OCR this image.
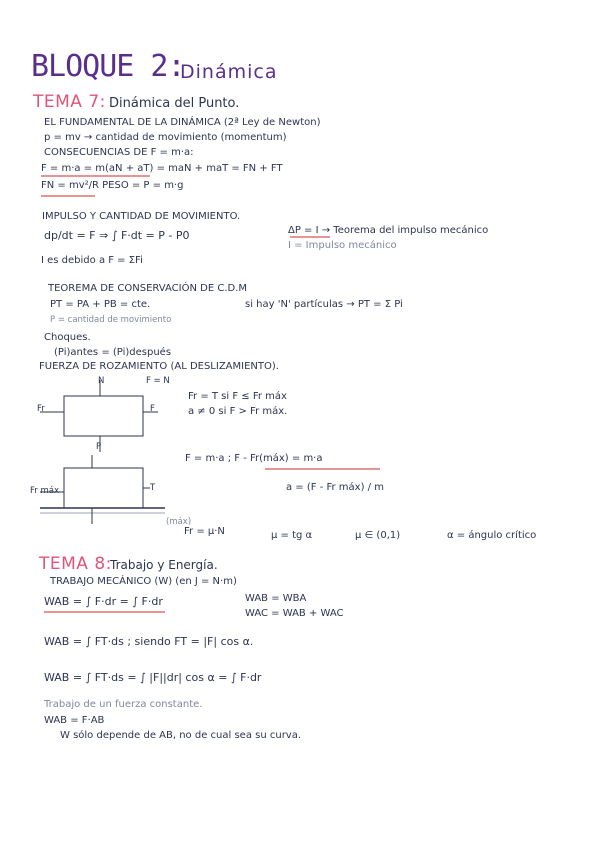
BLOQUE 2:
Dinámica
TEMA 7: Dinámica del Punto.
EL FUNDAMENTAL DE LA DINÁMICA (2ª Ley de Newton)
p = mv → cantidad de movimiento (momentum)
CONSECUENCIAS DE F = m·a:
F = m·a = m(aN + aT) = maN + maT = FN + FT
FN = mv²/R PESO = P = m·g
IMPULSO Y CANTIDAD DE MOVIMIENTO.
dp/dt = F ⇒ ∫ F·dt = P - P0	ΔP = I → Teorema del impulso mecánico
I = Impulso mecánico
I es debido a F = ΣFi
TEOREMA DE CONSERVACIÓN DE C.D.M
PT = PA + PB = cte.
P = cantidad de movimiento
si hay 'N' partículas → PT = Σ Pi
Choques.
(Pi)antes = (Pi)después
FUERZA DE ROZAMIENTO (AL DESLIZAMIENTO).
Fr = T si F ≤ Fr máx
a ≠ 0 si F > Fr máx.
F = m·a ; F - Fr(máx) = m·a
a = (F - Fr máx) / m
Fr = μ·N	μ = tg α	μ ∈ (0,1)	α = ángulo crítico
F = N
N
F
Fr
P
T
Fr máx
(máx)
TEMA 8:
Trabajo y Energía.
TRABAJO MECÁNICO (W) (en J = N·m)
WAB = ∫ F·dr = ∫ F·dr	WAB = WBA
WAC = WAB + WAC
WAB = ∫ FT·ds ; siendo FT = |F| cos α.
WAB = ∫ FT·ds = ∫ |F||dr| cos α = ∫ F·dr
Trabajo de un fuerza constante.
WAB = F·AB
W sólo depende de AB, no de cual sea su curva.
